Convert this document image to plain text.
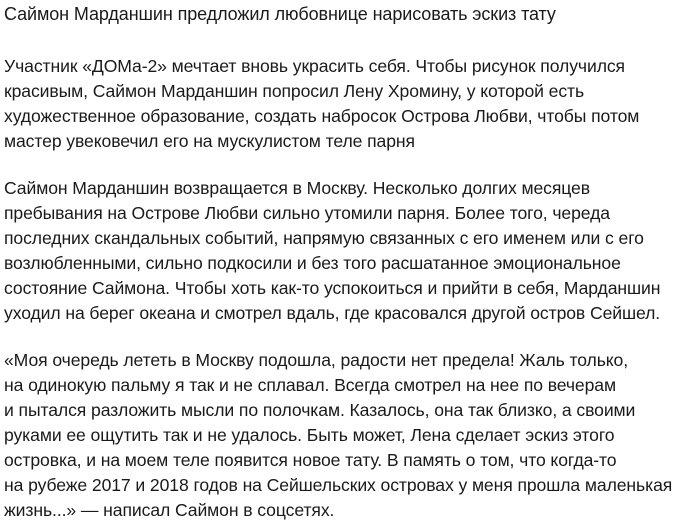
Саймон Марданшин предложил любовнице нарисовать эскиз тату

Участник «ДОМа-2» мечтает вновь украсить себя. Чтобы рисунок получился
красивым, Саймон Марданшин попросил Лену Хромину, у которой есть
художественное образование, создать набросок Острова Любви, чтобы потом
мастер увековечил его на мускулистом теле парня

Саймон Марданшин возвращается в Москву. Несколько долгих месяцев
пребывания на Острове Любви сильно утомили парня. Более того, череда
последних скандальных событий, напрямую связанных с его именем или с его
возлюбленными, сильно подкосили и без того расшатанное эмоциональное
состояние Саймона. Чтобы хоть как-то успокоиться и прийти в себя, Марданшин
уходил на берег океана и смотрел вдаль, где красовался другой остров Сейшел.

«Моя очередь лететь в Москву подошла, радости нет предела! Жаль только,
на одинокую пальму я так и не сплавал. Всегда смотрел на нее по вечерам
и пытался разложить мысли по полочкам. Казалось, она так близко, а своими
руками ее ощутить так и не удалось. Быть может, Лена сделает эскиз этого
островка, и на моем теле появится новое тату. В память о том, что когда-то
на рубеже 2017 и 2018 годов на Сейшельских островах у меня прошла маленькая
жизнь...» — написал Саймон в соцсетях.
